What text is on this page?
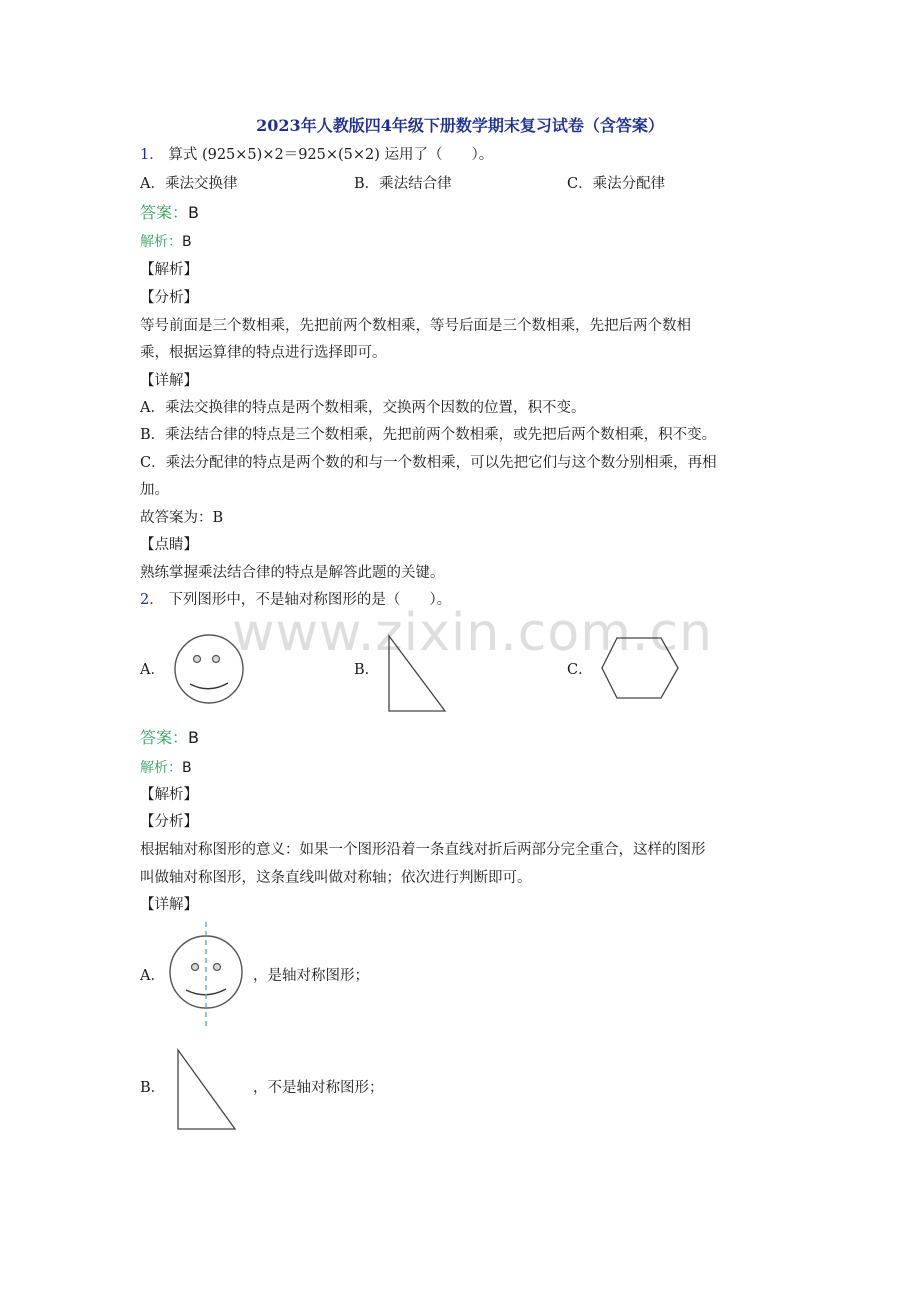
www.zixin.com.cn
2023年人教版四4年级下册数学期末复习试卷（含答案）
1． 算式 (925×5)×2＝925×(5×2) 运用了（　　）。
A．乘法交换律	B．乘法结合律	C．乘法分配律
答案：B
解析：B
【解析】
【分析】
等号前面是三个数相乘，先把前两个数相乘，等号后面是三个数相乘，先把后两个数相
乘，根据运算律的特点进行选择即可。
【详解】
A．乘法交换律的特点是两个数相乘，交换两个因数的位置，积不变。
B．乘法结合律的特点是三个数相乘，先把前两个数相乘，或先把后两个数相乘，积不变。
C．乘法分配律的特点是两个数的和与一个数相乘，可以先把它们与这个数分别相乘，再相
加。
故答案为：B
【点睛】
熟练掌握乘法结合律的特点是解答此题的关键。
2． 下列图形中，不是轴对称图形的是（　　）。
A．	B．	C．
答案：B
解析：B
【解析】
【分析】
根据轴对称图形的意义：如果一个图形沿着一条直线对折后两部分完全重合，这样的图形
叫做轴对称图形，这条直线叫做对称轴；依次进行判断即可。
【详解】
A．	，是轴对称图形；
B．	，不是轴对称图形；
